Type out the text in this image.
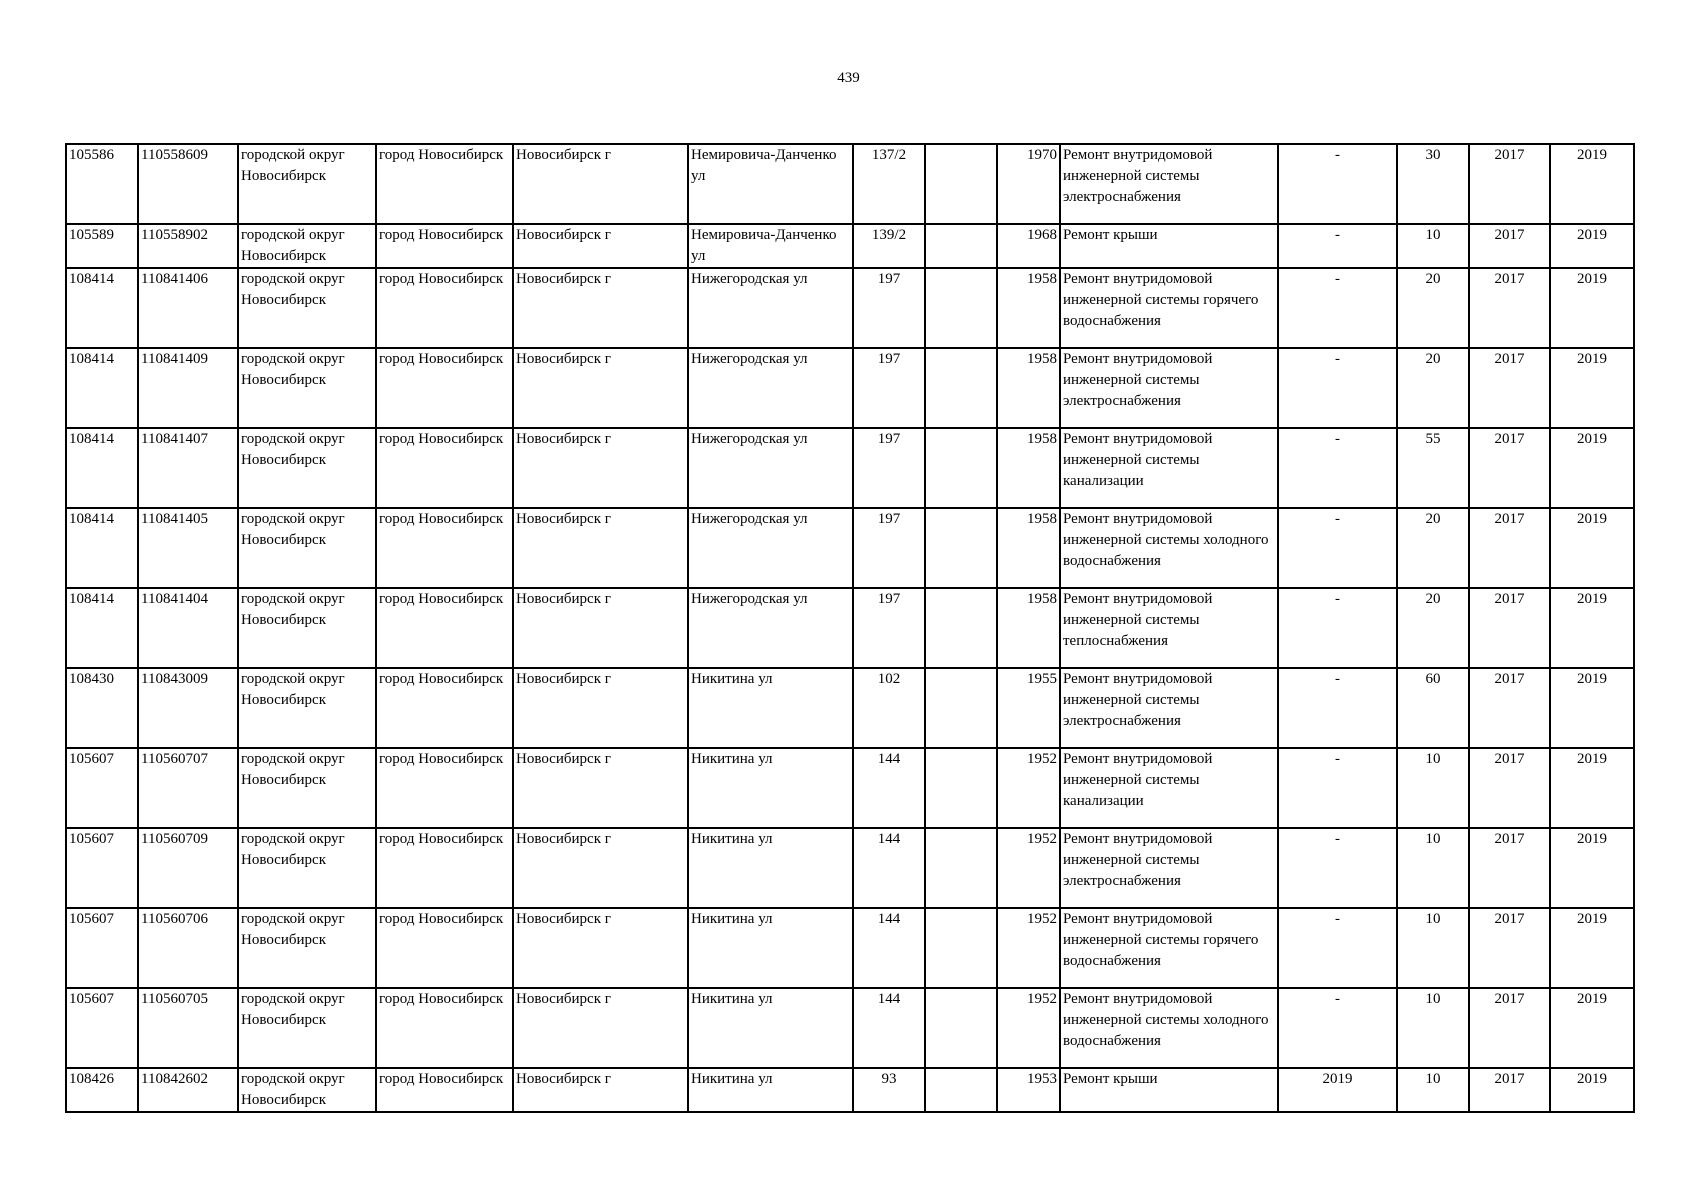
439
105586	110558609	городской округ Новосибирск	город Новосибирск	Новосибирск г	Немировича-Данченко ул	137/2		1970	Ремонт внутридомовой инженерной системы электроснабжения	-	30	2017	2019
105589	110558902	городской округ Новосибирск	город Новосибирск	Новосибирск г	Немировича-Данченко ул	139/2		1968	Ремонт крыши	-	10	2017	2019
108414	110841406	городской округ Новосибирск	город Новосибирск	Новосибирск г	Нижегородская ул	197		1958	Ремонт внутридомовой инженерной системы горячего водоснабжения	-	20	2017	2019
108414	110841409	городской округ Новосибирск	город Новосибирск	Новосибирск г	Нижегородская ул	197		1958	Ремонт внутридомовой инженерной системы электроснабжения	-	20	2017	2019
108414	110841407	городской округ Новосибирск	город Новосибирск	Новосибирск г	Нижегородская ул	197		1958	Ремонт внутридомовой инженерной системы канализации	-	55	2017	2019
108414	110841405	городской округ Новосибирск	город Новосибирск	Новосибирск г	Нижегородская ул	197		1958	Ремонт внутридомовой инженерной системы холодного водоснабжения	-	20	2017	2019
108414	110841404	городской округ Новосибирск	город Новосибирск	Новосибирск г	Нижегородская ул	197		1958	Ремонт внутридомовой инженерной системы теплоснабжения	-	20	2017	2019
108430	110843009	городской округ Новосибирск	город Новосибирск	Новосибирск г	Никитина ул	102		1955	Ремонт внутридомовой инженерной системы электроснабжения	-	60	2017	2019
105607	110560707	городской округ Новосибирск	город Новосибирск	Новосибирск г	Никитина ул	144		1952	Ремонт внутридомовой инженерной системы канализации	-	10	2017	2019
105607	110560709	городской округ Новосибирск	город Новосибирск	Новосибирск г	Никитина ул	144		1952	Ремонт внутридомовой инженерной системы электроснабжения	-	10	2017	2019
105607	110560706	городской округ Новосибирск	город Новосибирск	Новосибирск г	Никитина ул	144		1952	Ремонт внутридомовой инженерной системы горячего водоснабжения	-	10	2017	2019
105607	110560705	городской округ Новосибирск	город Новосибирск	Новосибирск г	Никитина ул	144		1952	Ремонт внутридомовой инженерной системы холодного водоснабжения	-	10	2017	2019
108426	110842602	городской округ Новосибирск	город Новосибирск	Новосибирск г	Никитина ул	93		1953	Ремонт крыши	2019	10	2017	2019
